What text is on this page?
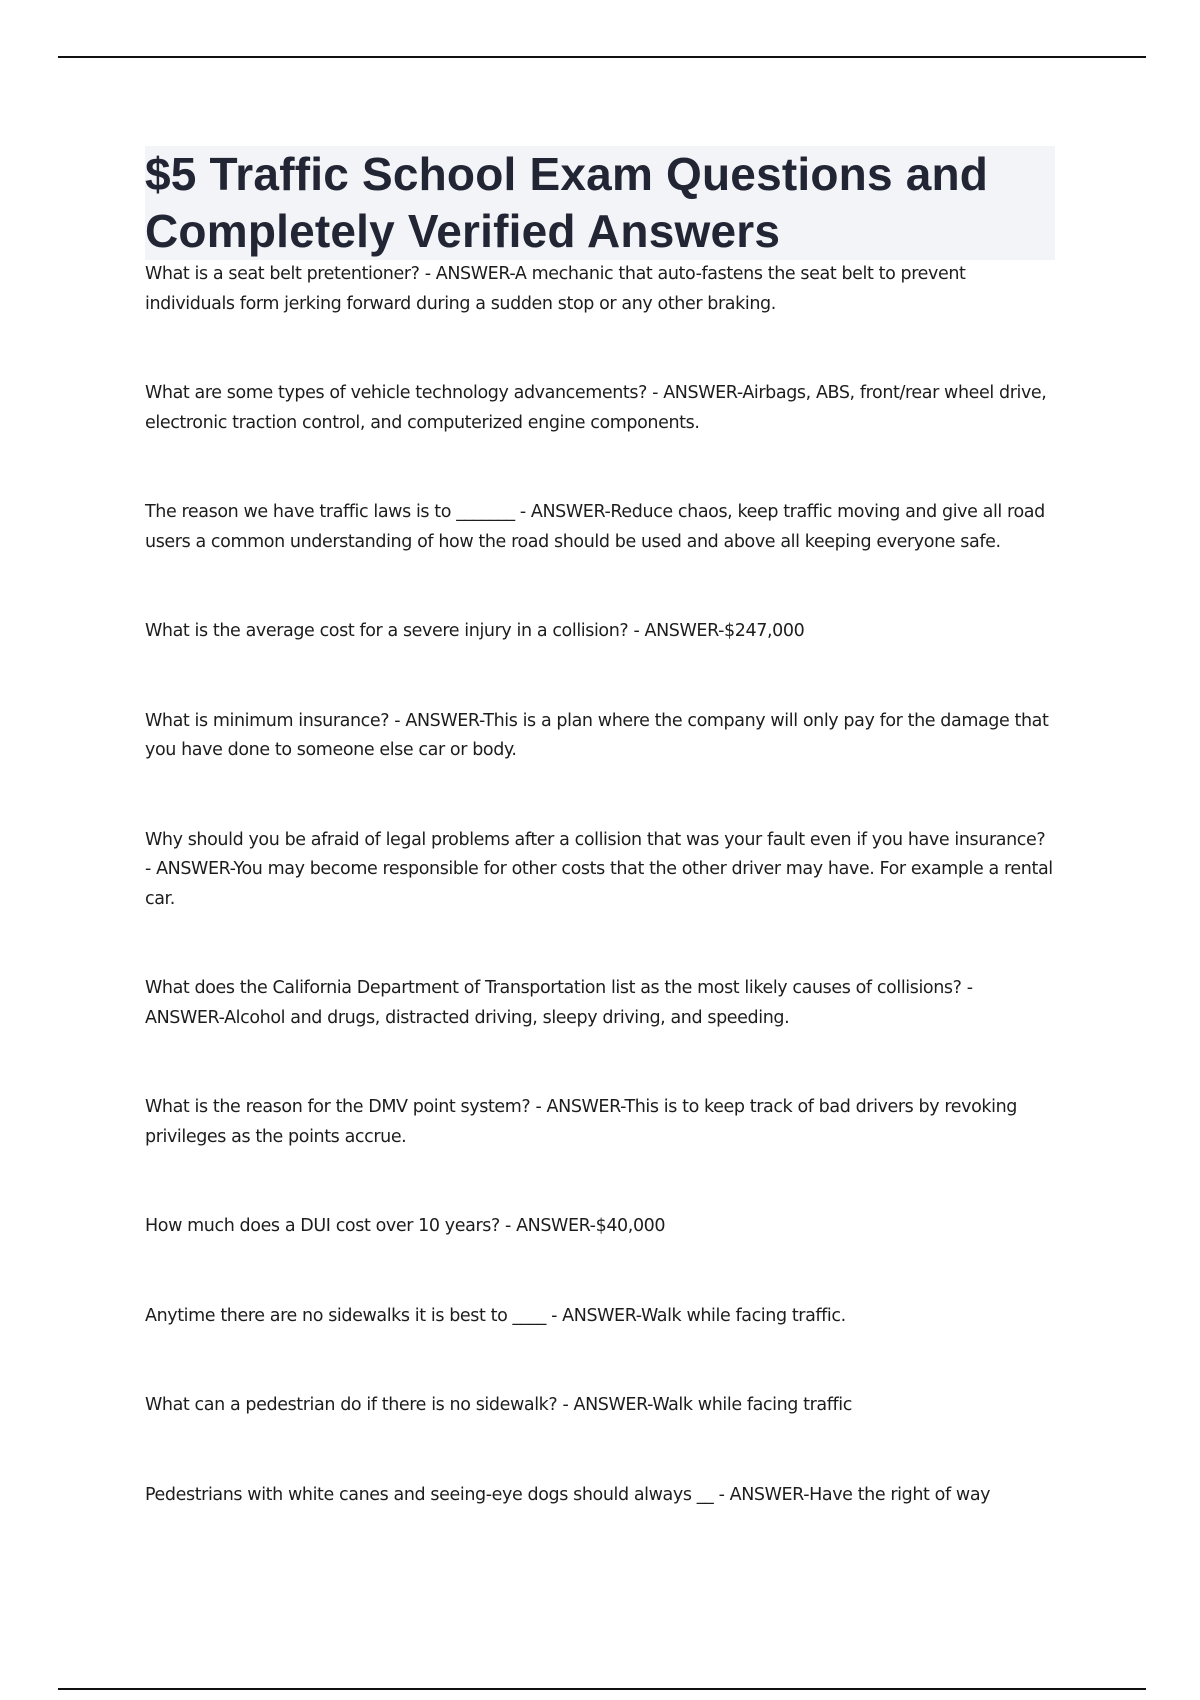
$5 Traffic School Exam Questions and Completely Verified Answers

What is a seat belt pretentioner? - ANSWER-A mechanic that auto-fastens the seat belt to prevent individuals form jerking forward during a sudden stop or any other braking.

What are some types of vehicle technology advancements? - ANSWER-Airbags, ABS, front/rear wheel drive, electronic traction control, and computerized engine components.

The reason we have traffic laws is to _______ - ANSWER-Reduce chaos, keep traffic moving and give all road users a common understanding of how the road should be used and above all keeping everyone safe.

What is the average cost for a severe injury in a collision? - ANSWER-$247,000

What is minimum insurance? - ANSWER-This is a plan where the company will only pay for the damage that you have done to someone else car or body.

Why should you be afraid of legal problems after a collision that was your fault even if you have insurance? - ANSWER-You may become responsible for other costs that the other driver may have. For example a rental car.

What does the California Department of Transportation list as the most likely causes of collisions? - ANSWER-Alcohol and drugs, distracted driving, sleepy driving, and speeding.

What is the reason for the DMV point system? - ANSWER-This is to keep track of bad drivers by revoking privileges as the points accrue.

How much does a DUI cost over 10 years? - ANSWER-$40,000

Anytime there are no sidewalks it is best to ____ - ANSWER-Walk while facing traffic.

What can a pedestrian do if there is no sidewalk? - ANSWER-Walk while facing traffic

Pedestrians with white canes and seeing-eye dogs should always __ - ANSWER-Have the right of way
